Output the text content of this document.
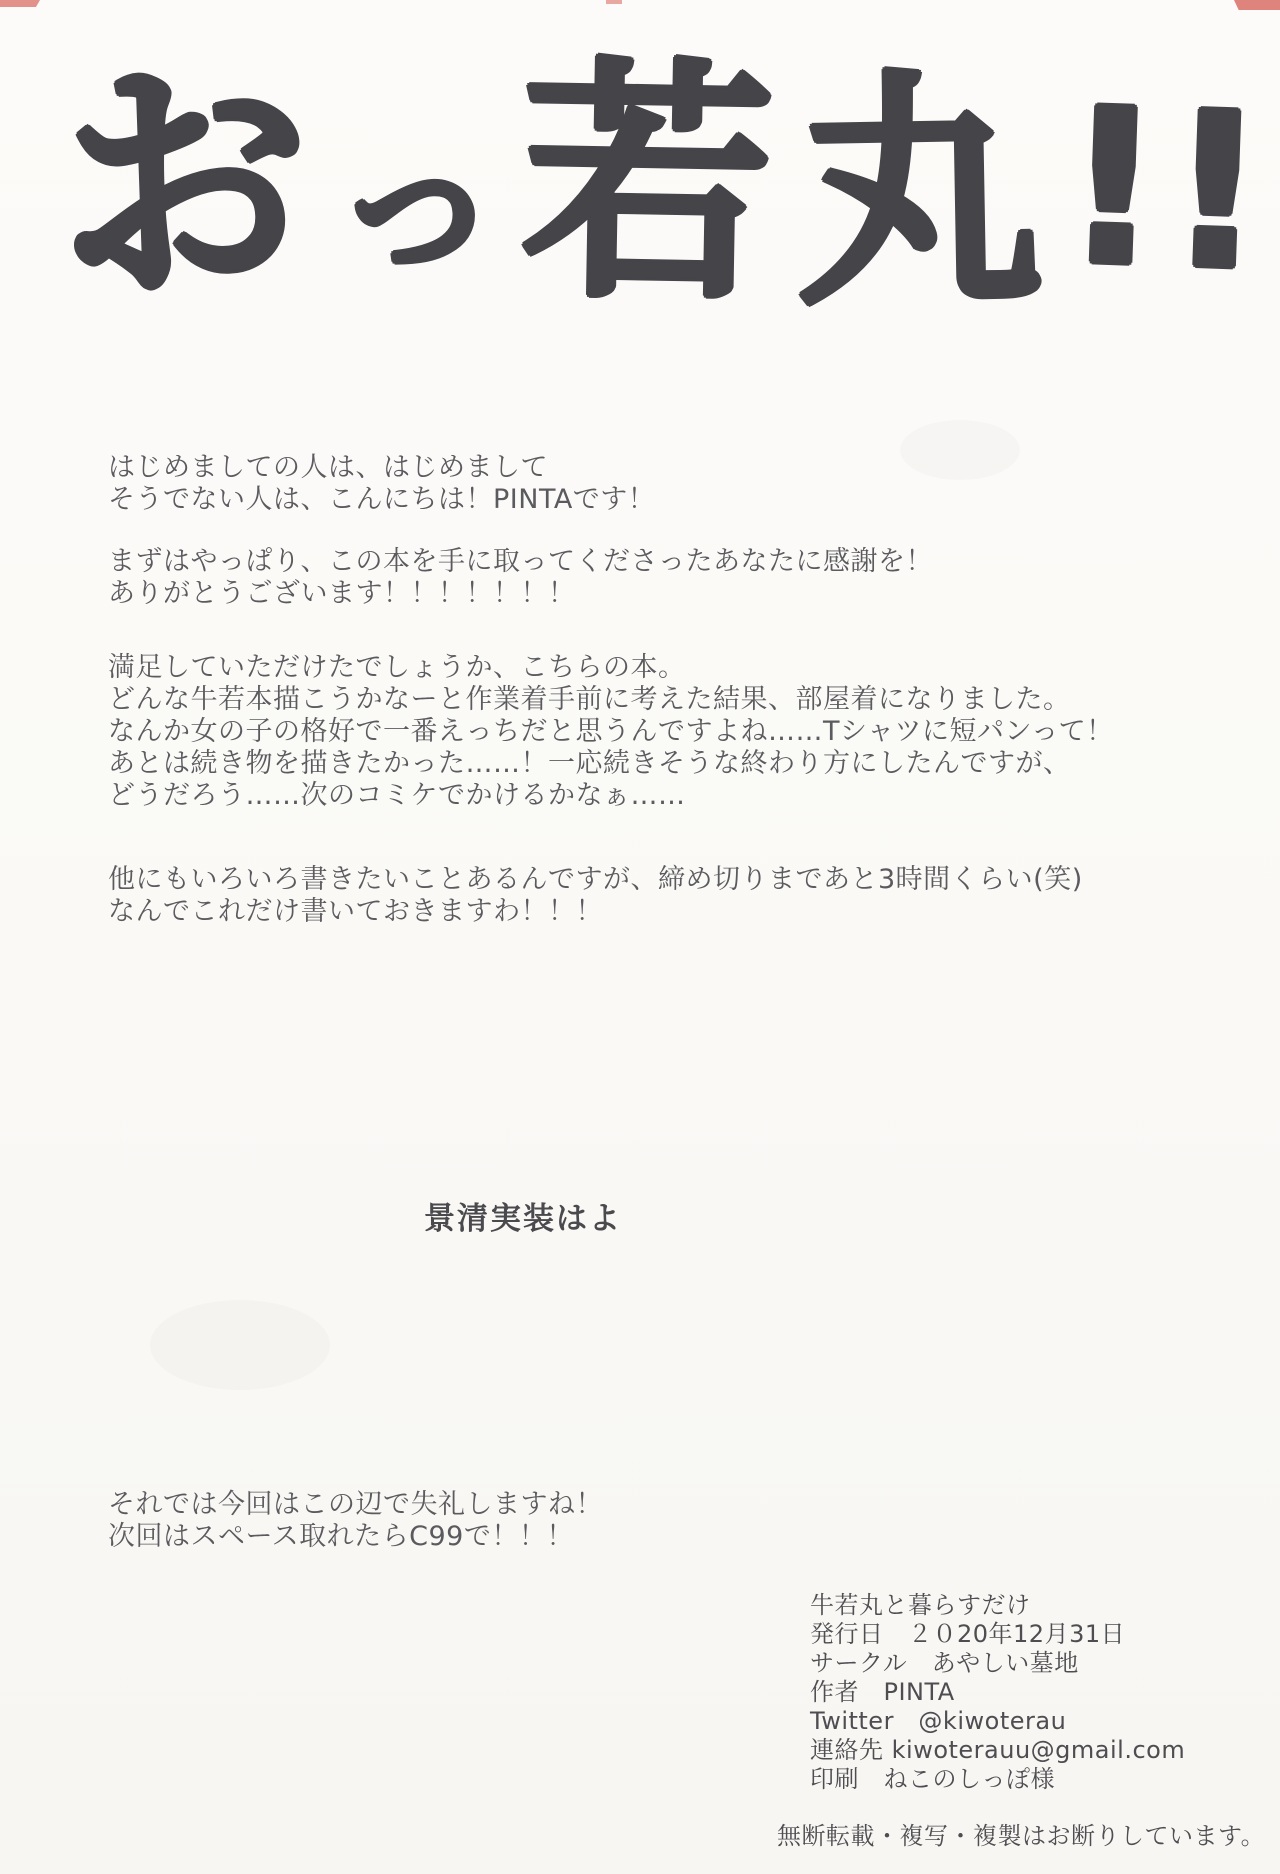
おっ若丸!!
はじめましての人は、はじめまして
そうでない人は、こんにちは！PINTAです！
まずはやっぱり、この本を手に取ってくださったあなたに感謝を！
ありがとうございます！！！！！！！
満足していただけたでしょうか、こちらの本。
どんな牛若本描こうかなーと作業着手前に考えた結果、部屋着になりました。
なんか女の子の格好で一番えっちだと思うんですよね……Tシャツに短パンって！
あとは続き物を描きたかった……！一応続きそうな終わり方にしたんですが、
どうだろう……次のコミケでかけるかなぁ……
他にもいろいろ書きたいことあるんですが、締め切りまであと3時間くらい(笑)
なんでこれだけ書いておきますわ！！！
景清実装はよ
それでは今回はこの辺で失礼しますね！
次回はスペース取れたらC99で！！！
牛若丸と暮らすだけ
発行日　２０20年12月31日
サークル　あやしい墓地
作者　PINTA
Twitter　@kiwoterau
連絡先 kiwoterauu@gmail.com
印刷　ねこのしっぽ様
無断転載・複写・複製はお断りしています。
